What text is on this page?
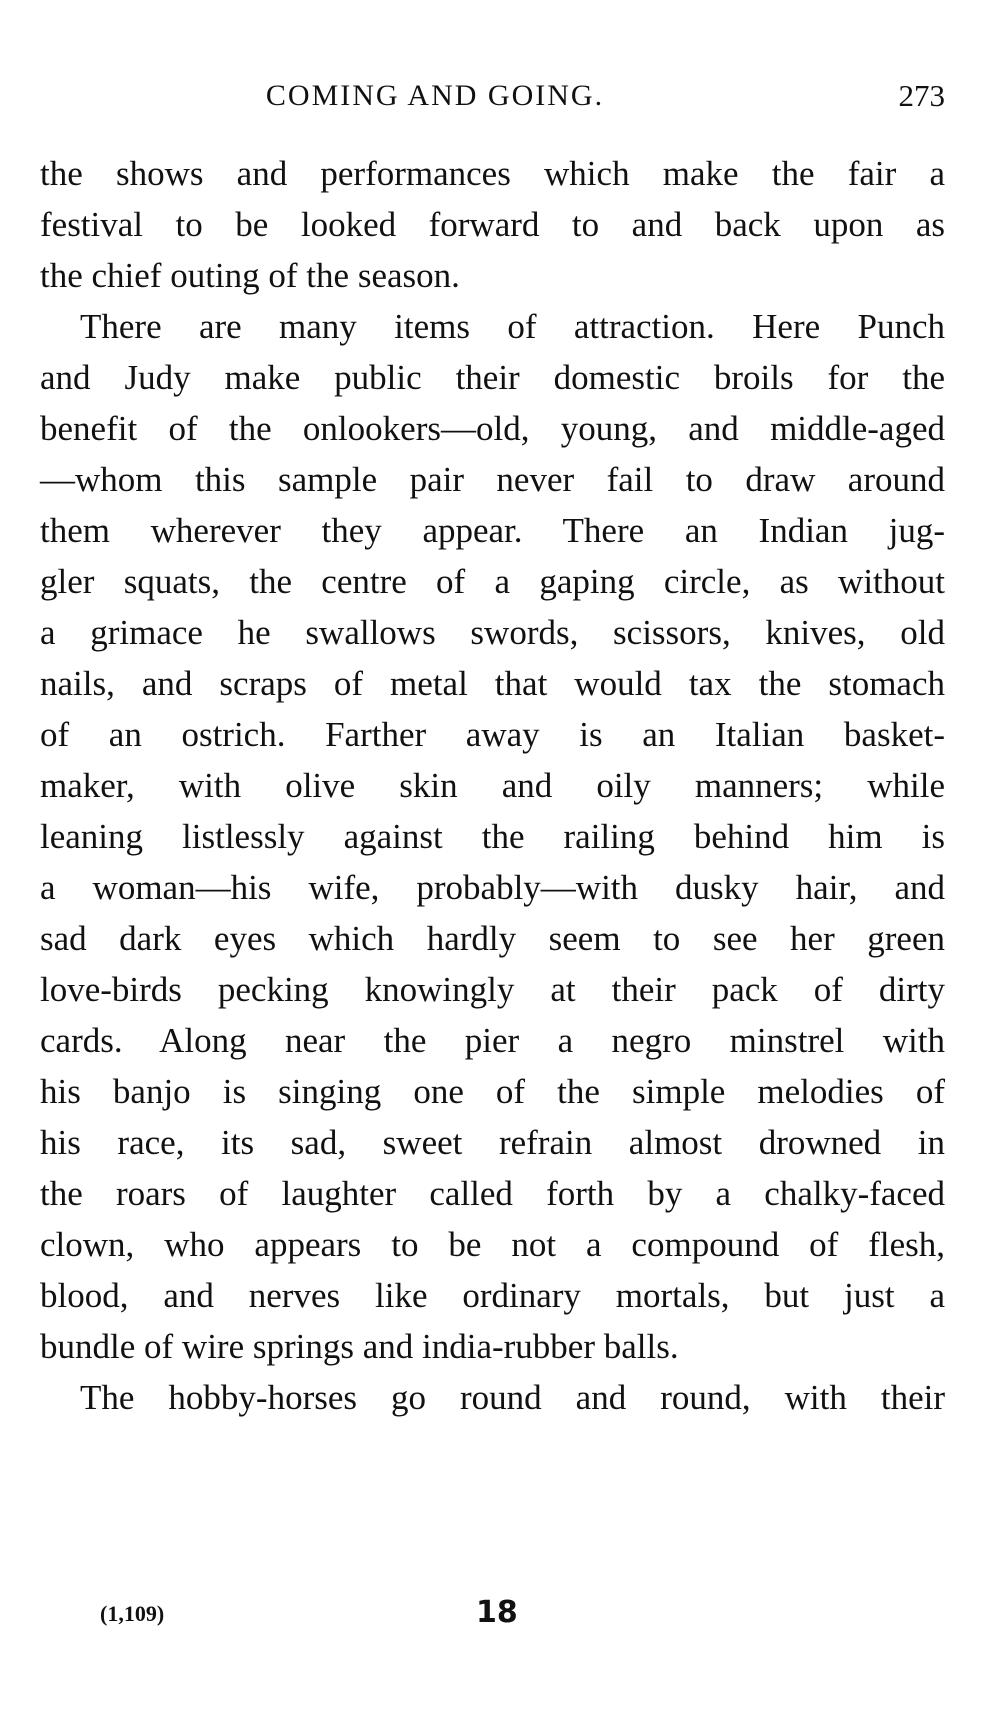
COMING AND GOING.	273

the shows and performances which make the fair a
festival to be looked forward to and back upon as
the chief outing of the season.

There are many items of attraction. Here Punch
and Judy make public their domestic broils for the
benefit of the onlookers—old, young, and middle-aged
—whom this sample pair never fail to draw around
them wherever they appear. There an Indian jug-
gler squats, the centre of a gaping circle, as without
a grimace he swallows swords, scissors, knives, old
nails, and scraps of metal that would tax the stomach
of an ostrich. Farther away is an Italian basket-
maker, with olive skin and oily manners; while
leaning listlessly against the railing behind him is
a woman—his wife, probably—with dusky hair, and
sad dark eyes which hardly seem to see her green
love-birds pecking knowingly at their pack of dirty
cards. Along near the pier a negro minstrel with
his banjo is singing one of the simple melodies of
his race, its sad, sweet refrain almost drowned in
the roars of laughter called forth by a chalky-faced
clown, who appears to be not a compound of flesh,
blood, and nerves like ordinary mortals, but just a
bundle of wire springs and india-rubber balls.

The hobby-horses go round and round, with their

(1,109)	18
